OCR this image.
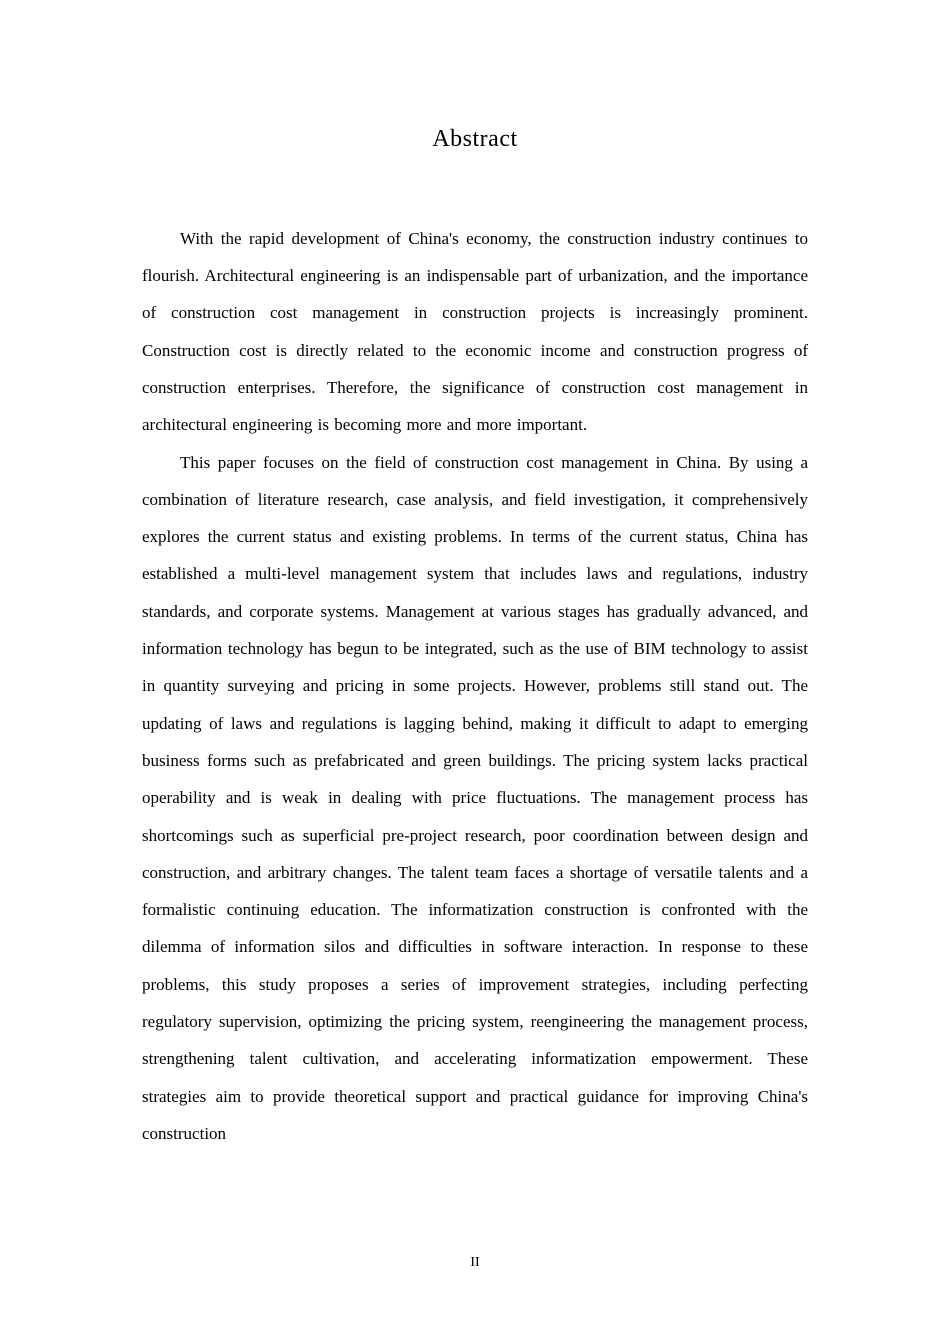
Abstract

With the rapid development of China's economy, the construction industry continues to flourish. Architectural engineering is an indispensable part of urbanization, and the importance of construction cost management in construction projects is increasingly prominent. Construction cost is directly related to the economic income and construction progress of construction enterprises. Therefore, the significance of construction cost management in architectural engineering is becoming more and more important.

This paper focuses on the field of construction cost management in China. By using a combination of literature research, case analysis, and field investigation, it comprehensively explores the current status and existing problems. In terms of the current status, China has established a multi-level management system that includes laws and regulations, industry standards, and corporate systems. Management at various stages has gradually advanced, and information technology has begun to be integrated, such as the use of BIM technology to assist in quantity surveying and pricing in some projects. However, problems still stand out. The updating of laws and regulations is lagging behind, making it difficult to adapt to emerging business forms such as prefabricated and green buildings. The pricing system lacks practical operability and is weak in dealing with price fluctuations. The management process has shortcomings such as superficial pre-project research, poor coordination between design and construction, and arbitrary changes. The talent team faces a shortage of versatile talents and a formalistic continuing education. The informatization construction is confronted with the dilemma of information silos and difficulties in software interaction. In response to these problems, this study proposes a series of improvement strategies, including perfecting regulatory supervision, optimizing the pricing system, reengineering the management process, strengthening talent cultivation, and accelerating informatization empowerment. These strategies aim to provide theoretical support and practical guidance for improving China's construction

II
